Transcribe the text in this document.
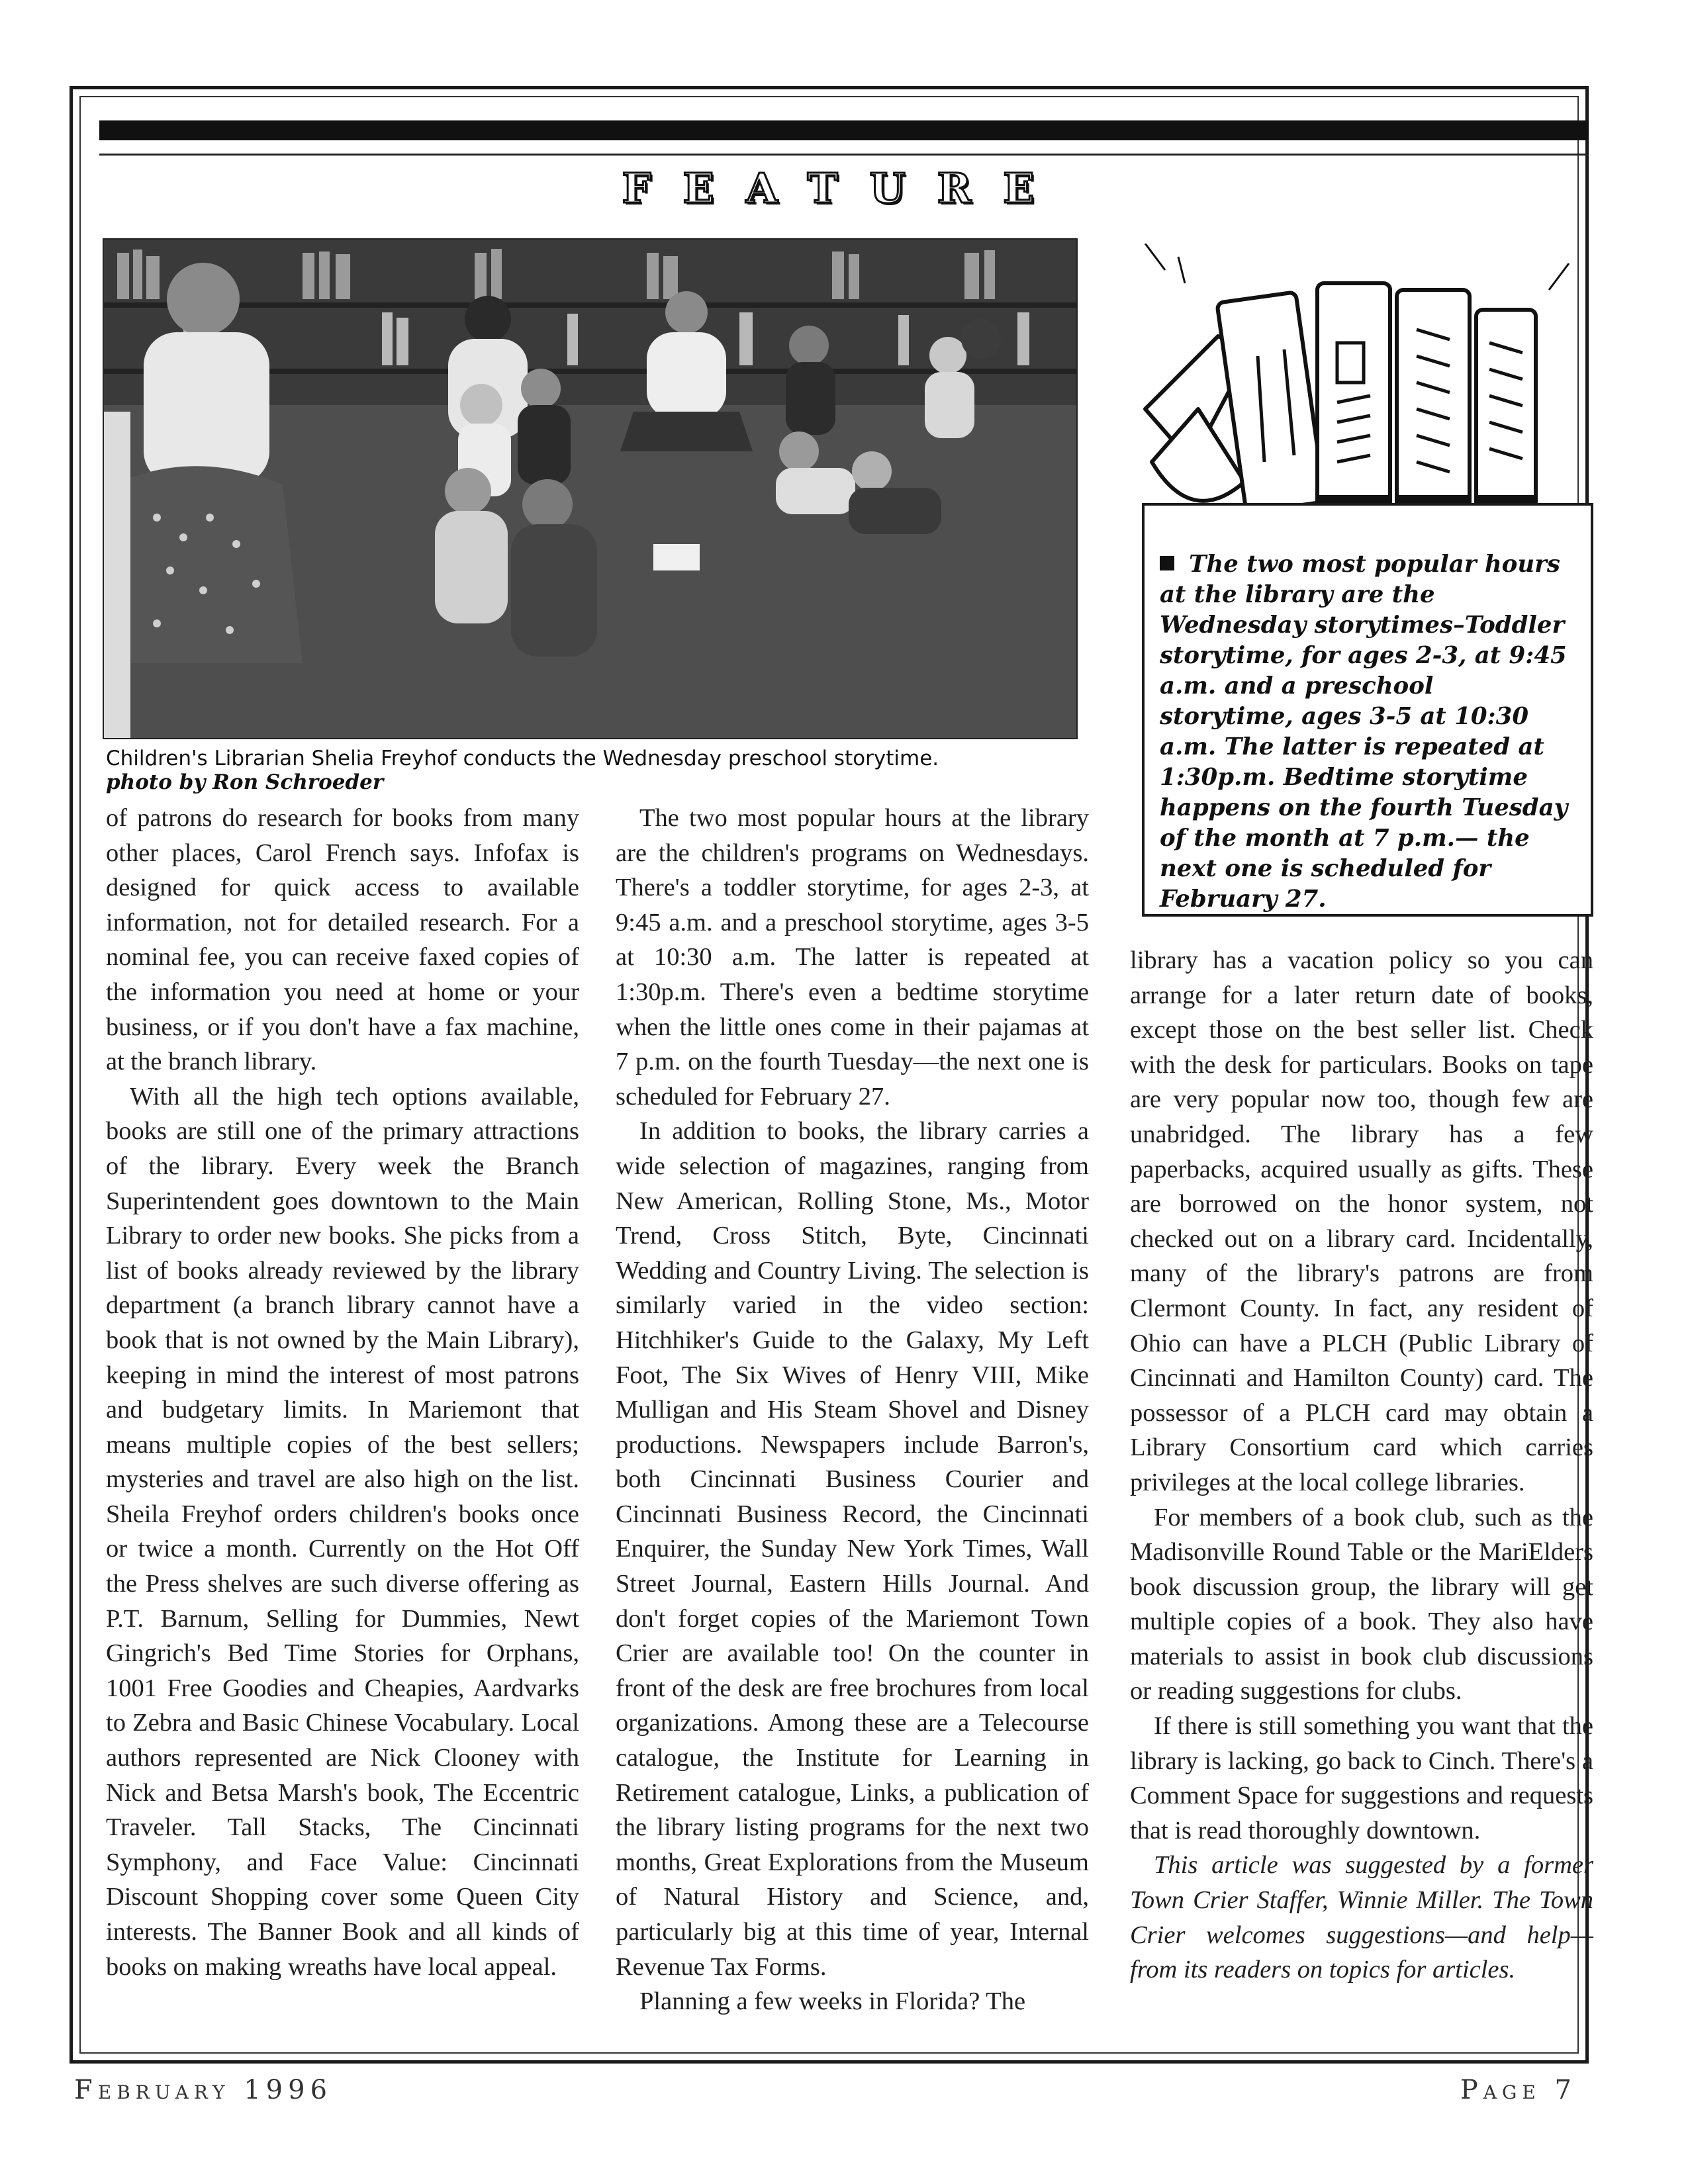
FEATURE
Children's Librarian Shelia Freyhof conducts the Wednesday preschool storytime.
photo by Ron Schroeder

of patrons do research for books from many other places, Carol French says. Infofax is designed for quick access to available information, not for detailed research. For a nominal fee, you can receive faxed copies of the information you need at home or your business, or if you don't have a fax machine, at the branch library.

With all the high tech options available, books are still one of the primary attractions of the library. Every week the Branch Superintendent goes downtown to the Main Library to order new books. She picks from a list of books already reviewed by the library department (a branch library cannot have a book that is not owned by the Main Library), keeping in mind the interest of most patrons and budgetary limits. In Mariemont that means multiple copies of the best sellers; mysteries and travel are also high on the list. Sheila Freyhof orders children's books once or twice a month. Currently on the Hot Off the Press shelves are such diverse offering as P.T. Barnum, Selling for Dummies, Newt Gingrich's Bed Time Stories for Orphans, 1001 Free Goodies and Cheapies, Aardvarks to Zebra and Basic Chinese Vocabulary. Local authors represented are Nick Clooney with Nick and Betsa Marsh's book, The Eccentric Traveler. Tall Stacks, The Cincinnati Symphony, and Face Value: Cincinnati Discount Shopping cover some Queen City interests. The Banner Book and all kinds of books on making wreaths have local appeal.

The two most popular hours at the library are the children's programs on Wednesdays. There's a toddler storytime, for ages 2-3, at 9:45 a.m. and a preschool storytime, ages 3-5 at 10:30 a.m. The latter is repeated at 1:30p.m. There's even a bedtime storytime when the little ones come in their pajamas at 7 p.m. on the fourth Tuesday—the next one is scheduled for February 27.

In addition to books, the library carries a wide selection of magazines, ranging from New American, Rolling Stone, Ms., Motor Trend, Cross Stitch, Byte, Cincinnati Wedding and Country Living. The selection is similarly varied in the video section: Hitchhiker's Guide to the Galaxy, My Left Foot, The Six Wives of Henry VIII, Mike Mulligan and His Steam Shovel and Disney productions. Newspapers include Barron's, both Cincinnati Business Courier and Cincinnati Business Record, the Cincinnati Enquirer, the Sunday New York Times, Wall Street Journal, Eastern Hills Journal. And don't forget copies of the Mariemont Town Crier are available too! On the counter in front of the desk are free brochures from local organizations. Among these are a Telecourse catalogue, the Institute for Learning in Retirement catalogue, Links, a publication of the library listing programs for the next two months, Great Explorations from the Museum of Natural History and Science, and, particularly big at this time of year, Internal Revenue Tax Forms.

Planning a few weeks in Florida? The

The two most popular hours at the library are the Wednesday storytimes–Toddler storytime, for ages 2-3, at 9:45 a.m. and a preschool storytime, ages 3-5 at 10:30 a.m. The latter is repeated at 1:30p.m. Bedtime storytime happens on the fourth Tuesday of the month at 7 p.m.— the next one is scheduled for February 27.

library has a vacation policy so you can arrange for a later return date of books, except those on the best seller list. Check with the desk for particulars. Books on tape are very popular now too, though few are unabridged. The library has a few paperbacks, acquired usually as gifts. These are borrowed on the honor system, not checked out on a library card. Incidentally, many of the library's patrons are from Clermont County. In fact, any resident of Ohio can have a PLCH (Public Library of Cincinnati and Hamilton County) card. The possessor of a PLCH card may obtain a Library Consortium card which carries privileges at the local college libraries.

For members of a book club, such as the Madisonville Round Table or the MariElders book discussion group, the library will get multiple copies of a book. They also have materials to assist in book club discussions or reading suggestions for clubs.

If there is still something you want that the library is lacking, go back to Cinch. There's a Comment Space for suggestions and requests that is read thoroughly downtown.

This article was suggested by a former Town Crier Staffer, Winnie Miller. The Town Crier welcomes suggestions—and help—from its readers on topics for articles.

February 1996	Page 7
